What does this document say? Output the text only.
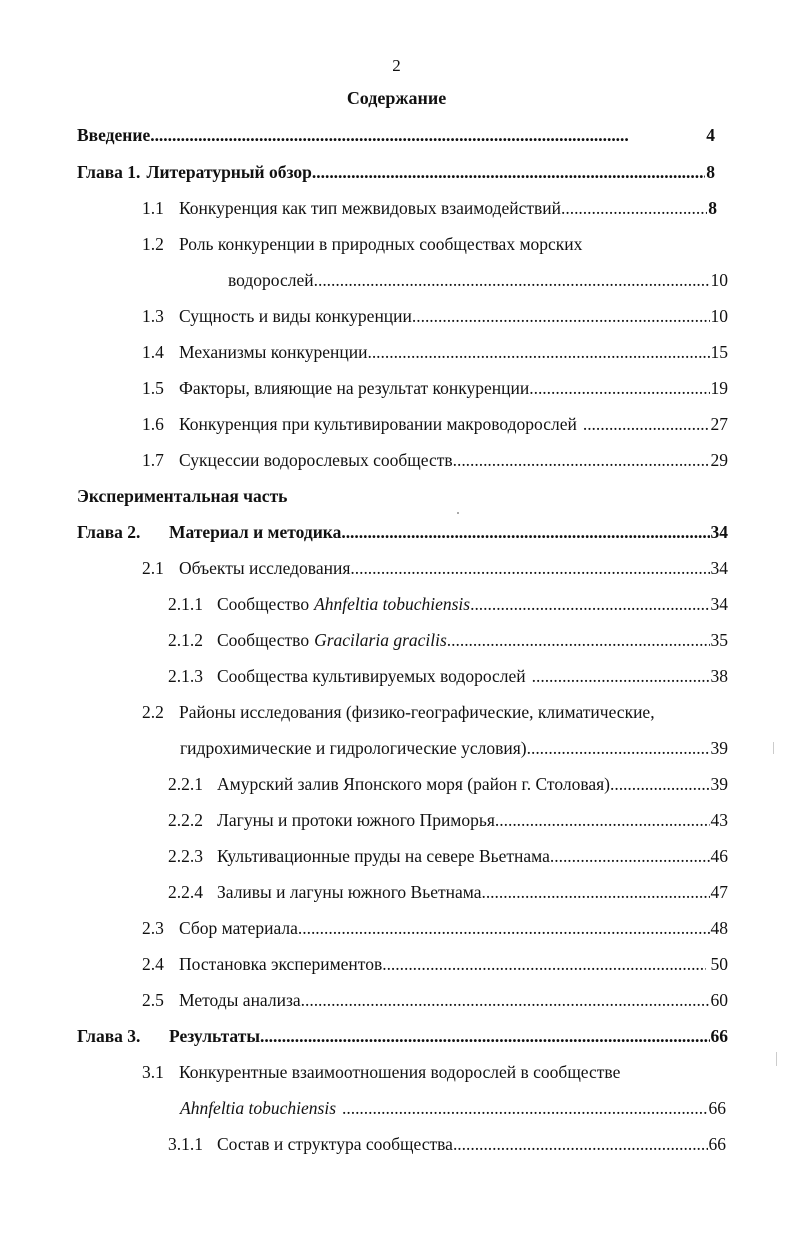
2
Содержание
Введение . . .	4
Глава 1. Литературный обзор . . .	8
1.1 Конкуренция как тип межвидовых взаимодействий . . .	8
1.2 Роль конкуренции в природных сообществах морских
водорослей . . .	10
1.3 Сущность и виды конкуренции . . .	10
1.4 Механизмы конкуренции . . .	15
1.5 Факторы, влияющие на результат конкуренции . . .	19
1.6 Конкуренция при культивировании макроводорослей . . .	27
1.7 Сукцессии водорослевых сообществ . . .	29
Экспериментальная часть
Глава 2.	Материал и методика . . .	34
2.1 Объекты исследования . . .	34
2.1.1 Сообщество Ahnfeltia tobuchiensis . . .	34
2.1.2 Сообщество Gracilaria gracilis . . .	35
2.1.3 Сообщества культивируемых водорослей . . .	38
2.2 Районы исследования (физико-географические, климатические,
гидрохимические и гидрологические условия) . . .	39
2.2.1 Амурский залив Японского моря (район г. Столовая) . . .	39
2.2.2 Лагуны и протоки южного Приморья . . .	43
2.2.3 Культивационные пруды на севере Вьетнама . . .	46
2.2.4 Заливы и лагуны южного Вьетнама . . .	47
2.3 Сбор материала . . .	48
2.4 Постановка экспериментов . . .	50
2.5 Методы анализа . . .	60
Глава 3.	Результаты . . .	66
3.1 Конкурентные взаимоотношения водорослей в сообществе
Ahnfeltia tobuchiensis . . .	66
3.1.1 Состав и структура сообщества . . .	66
